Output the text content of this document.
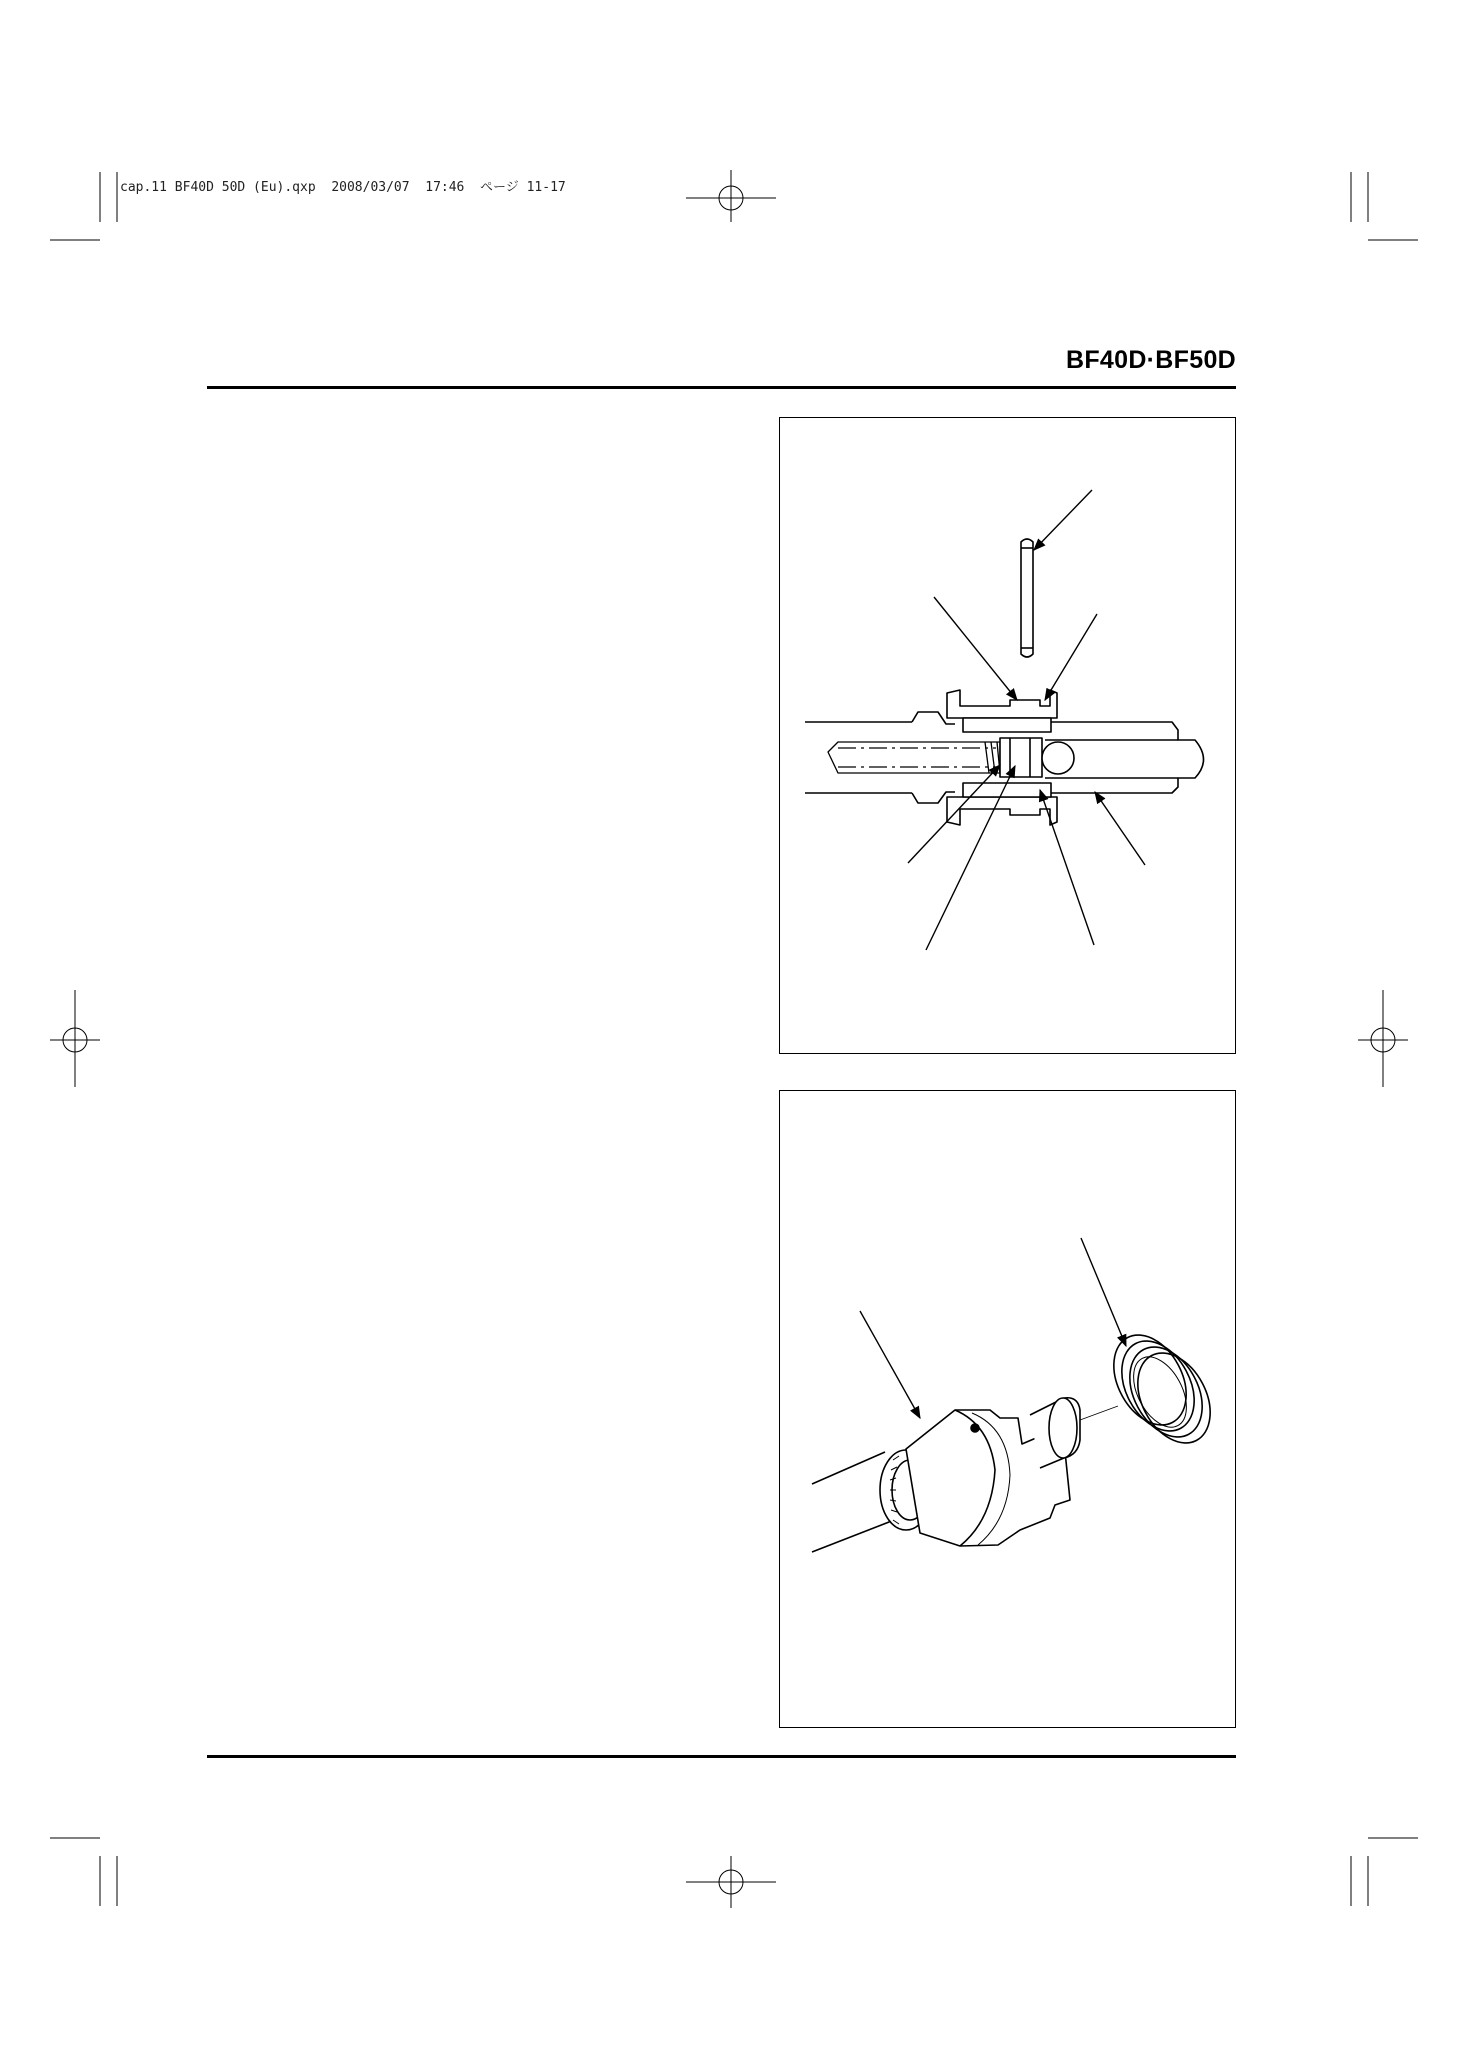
cap.11 BF40D 50D (Eu).qxp  2008/03/07  17:46  ページ 11-17
BF40D·BF50D
